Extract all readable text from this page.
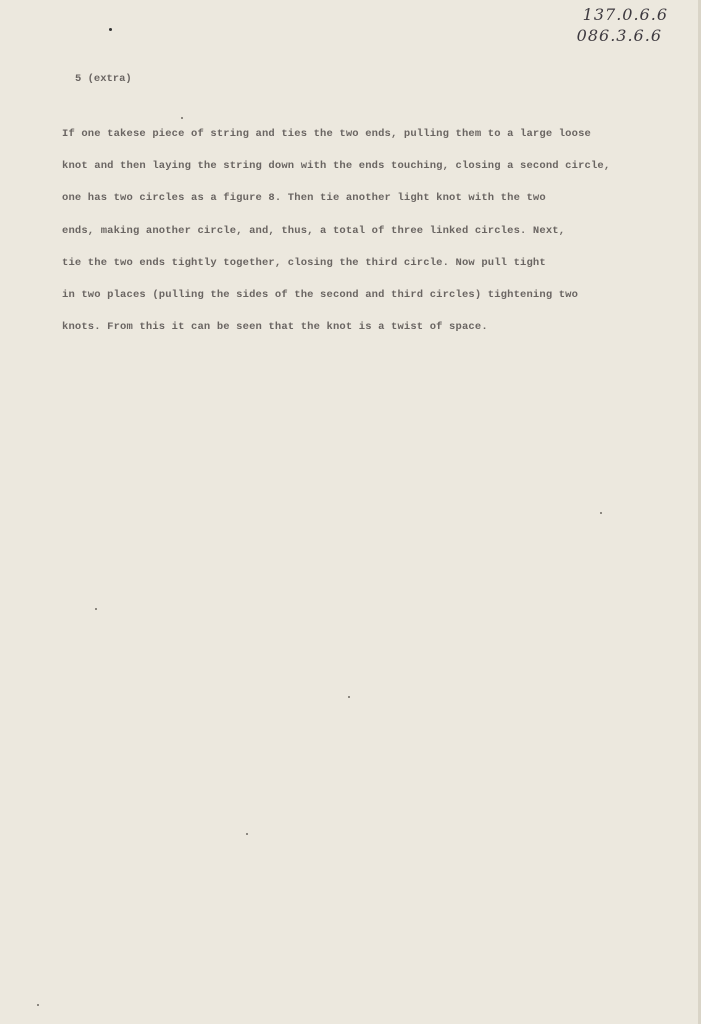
137.0.6.6
086.3.6.6
5 (extra)
If one takese piece of string and ties the two ends, pulling them to a large loose
knot and then laying the string down with the ends touching, closing a second circle,
one has two circles as a figure 8. Then tie another light knot with the two
ends, making another circle, and, thus, a total of three linked circles. Next,
tie the two ends tightly together, closing the third circle. Now pull tight
in two places (pulling the sides of the second and third circles) tightening two
knots. From this it can be seen that the knot is a twist of space.
